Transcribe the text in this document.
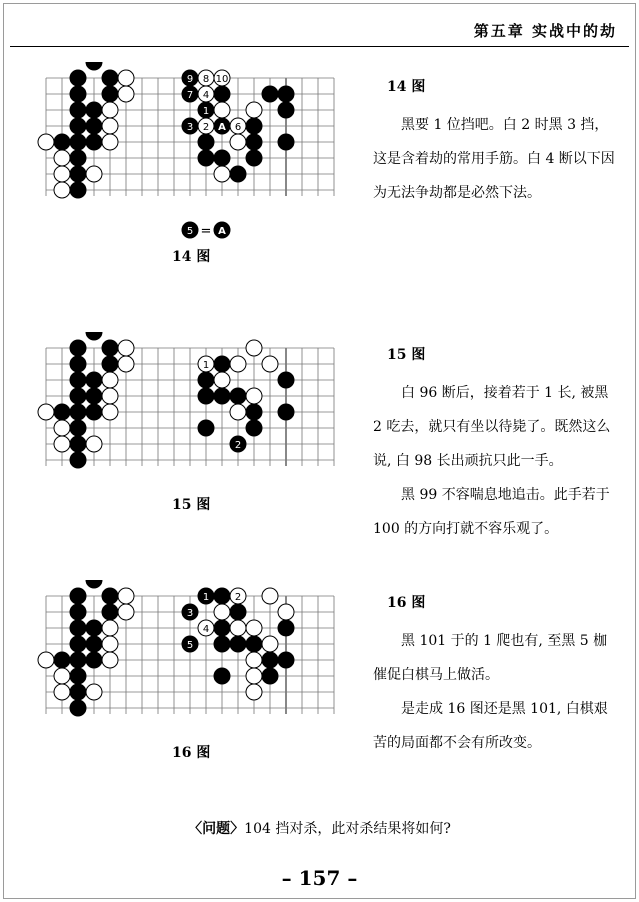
第五章 实战中的劫
9 8 10
7 4
1
3 2 A 6
5 = A
14 图
14 图

黑要 1 位挡吧。白 2 时黑 3 挡，这是含着劫的常用手筋。白 4 断以下因为无法争劫都是必然下法。

1
2
15 图
15 图

白 96 断后，接着若于 1 长, 被黑 2 吃去，就只有坐以待毙了。既然这么说, 白 98 长出顽抗只此一手。

黑 99 不容喘息地追击。此手若于 100 的方向打就不容乐观了。

1	2
3
4
5
16 图
16 图

黑 101 于的 1 爬也有, 至黑 5 枷催促白棋马上做活。

是走成 16 图还是黑 101, 白棋艰苦的局面都不会有所改变。

〈问题〉104 挡对杀，此对杀结果将如何?
– 157 –
